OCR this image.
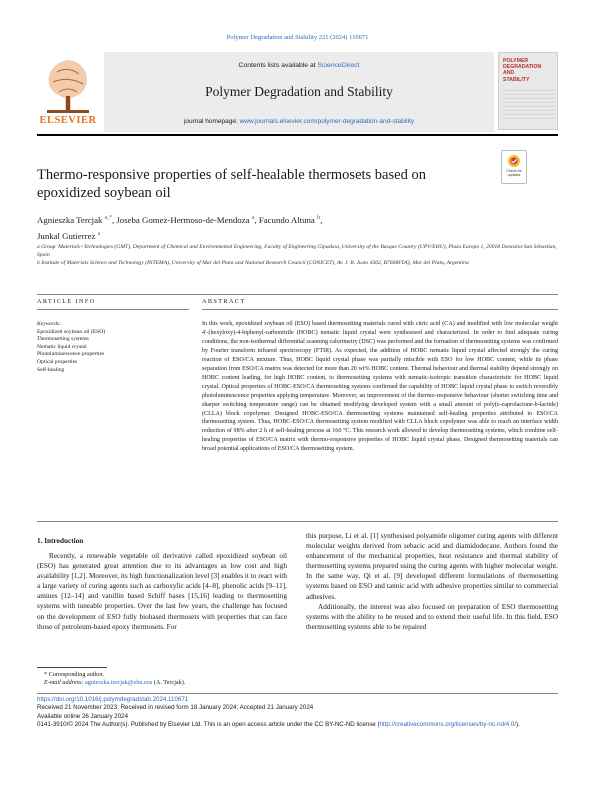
Polymer Degradation and Stability 221 (2024) 110671
ELSEVIER
Contents lists available at ScienceDirect
Polymer Degradation and Stability
journal homepage: www.journals.elsevier.com/polymer-degradation-and-stability
POLYMER
DEGRADATION
AND
STABILITY
Thermo-responsive properties of self-healable thermosets based on epoxidized soybean oil
Check for
updates
Agnieszka Tercjak $^{a,*}$, Joseba Gomez-Hermoso-de-Mendoza $^a$, Facundo Altuna $^b$,
Junkal Gutierrez $^a$
a Group 'Materials+Technologies (GMT), Department of Chemical and Environmental Engineering, Faculty of Engineering Gipuzkoa, University of the Basque Country (UPV/EHU), Plaza Europa 1, 20018 Donostia-San Sebastian, Spain
b Institute of Materials Science and Technology (INTEMA), University of Mar del Plata and National Research Council (CONICET), Av. J. B. Justo 4302, B7608FDQ, Mar del Plata, Argentina
ARTICLE INFO	ABSTRACT
Keywords:
Epoxidized soybean oil (ESO)
Thermosetting systems
Nematic liquid crystal
Photoluminescence properties
Optical properties
Self-healing
In this work, epoxidized soybean oil (ESO) based thermosetting materials cured with citric acid (CA) and modified with low molecular weight 4′-(hexyloxy)-4-biphenyl-carbonitrile (HOBC) nematic liquid crystal were synthesised and characterized. In order to find adequate curing conditions, the non-isothermal differential scanning calorimetry (DSC) was performed and the formation of thermosetting systems was confirmed by Fourier transform infrared spectroscopy (FTIR). As expected, the addition of HOBC nematic liquid crystal affected strongly the curing reaction of ESO/CA mixture. Thus, HOBC liquid crystal phase was partially miscible with ESO for low HOBC content, while its phase separation from ESO/CA matrix was detected for more than 20 wt% HOBC content. Thermal behaviour and thermal stability depend strongly on HOBC content leading, for high HOBC content, to thermosetting systems with nematic-isotropic transition characteristic for HOBC liquid crystal. Optical properties of HOBC-ESO/CA thermosetting systems confirmed the capability of HOBC liquid crystal phase to switch reversibly photoluminescence properties applying temperature. Moreover, an improvement of the thermo-responsive behaviour (shorter switching time and sharper switching temperature range) can be obtained modifying developed system with a small amount of poly(ε-caprolactone-b-lactide) (CLLA) block copolymer. Designed HOBC-ESO/CA thermosetting systems maintained self-healing properties attributed to ESO/CA thermosetting system. Thus, HOBC-ESO/CA thermosetting system modified with CLLA block copolymer was able to reach an interface width reduction of 98% after 2 h of self-healing process at 160 °C. This research work allowed to develop thermosetting systems, which combine self-healing properties of ESO/CA matrix with thermo-responsive properties of HOBC liquid crystal phase. Designed thermosetting materials can broad potential applications of ESO/CA thermosetting system.
1. Introduction
Recently, a renewable vegetable oil derivative called epoxidized soybean oil (ESO) has generated great attention due to its advantages as low cost and high availability [1,2]. Moreover, its high functionalization level [3] enables it to react with a large variety of curing agents such as carboxylic acids [4–8], phenolic acids [9–11], amines [12–14] and vanillin based Schiff bases [15,16] leading to thermosetting systems with tuneable properties. Over the last few years, the challenge has focused on the development of ESO fully biobased thermosets with properties that can face those of petroleum-based epoxy thermosets. For
this purpose, Li et al. [1] synthesised polyamide oligomer curing agents with different molecular weights derived from sebacic acid and diamidodecane. Authors found the enhancement of the mechanical properties, heat resistance and thermal stability of thermosetting systems prepared using the curing agents with higher molecular weight. In the same way, Qi et al. [9] developed different formulations of thermosetting systems based on ESO and tannic acid with adhesive properties similar to commercial adhesives.
Additionally, the interest was also focused on preparation of ESO thermosetting systems with the ability to be reused and to extend their useful life. In this field, ESO thermosetting systems able to be repaired
* Corresponding author.
E-mail address: agnieszka.tercjak@ehu.eus (A. Tercjak).
https://doi.org/10.1016/j.polymdegradstab.2024.110671
Received 21 November 2023; Received in revised form 18 January 2024; Accepted 21 January 2024
Available online 26 January 2024
0141-3910/© 2024 The Author(s). Published by Elsevier Ltd. This is an open access article under the CC BY-NC-ND license (http://creativecommons.org/licenses/by-nc-nd/4.0/).
